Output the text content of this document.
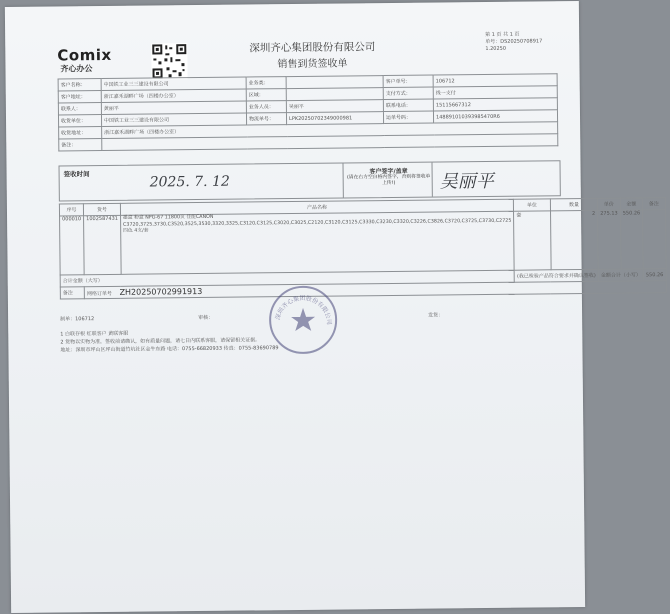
Comix
齐心办公
深圳齐心集团股份有限公司
销售到货签收单
第 1 页 共 1 页
单号：DS20250708917
1.20250
客户名称：	中国铁工业三三建设有限公司	业务类：		客户单号：	106712
客户地址：	浙江嘉禾湖畔广场（四楼办公室）	区域：		支付方式：	线一支付
联系人：	黄丽平	业务人员：	吴丽平	联系电话：	15115667312
收货单位：	中国铁工业三三建设有限公司	物流单号：	LPK20250702349000981	运单号码：	148891010393985470R6
收货地址：	浙江嘉禾湖畔广场（四楼办公室）				
备注：					
签收时间	2025. 7. 12
客户签字/盖章
(请在右方空白格内签字，否则将签收单上传!)	吴丽平
序号	货号	产品名称	单位	数量	单价	金额	备注
000010	1002587431	墨盒 粉盒 NPG-67 11800页 佳能CANON C3720,3725,3730,C3520,3525,3530,3320,3325,C3120,C3125,C3020,C3025,C2120,C3120,C3125,C3330,C3230,C3320,C3226,C3826,C3720,C3725,C3730,C2725 四色 4支/套	套	2	275.13	550.26	
合计金额（大写）			(我已检验产品符合要求并确认签收)		金额合计（小写）		550.26
备注	网络订单号 ZH20250702991913						
制单：106712	审核：	发货：
1 白联存根 红联客户 黄联客服
2 货物以实物为准，签收前请确认，如有质量问题，请七日内联系客服，请保留相关证据。
地址：深圳市坪山区坪山街道竹坑社区金牛东路 电话：0755-66820933 传真：0755-83690789
深圳齐心集团股份有限公司
